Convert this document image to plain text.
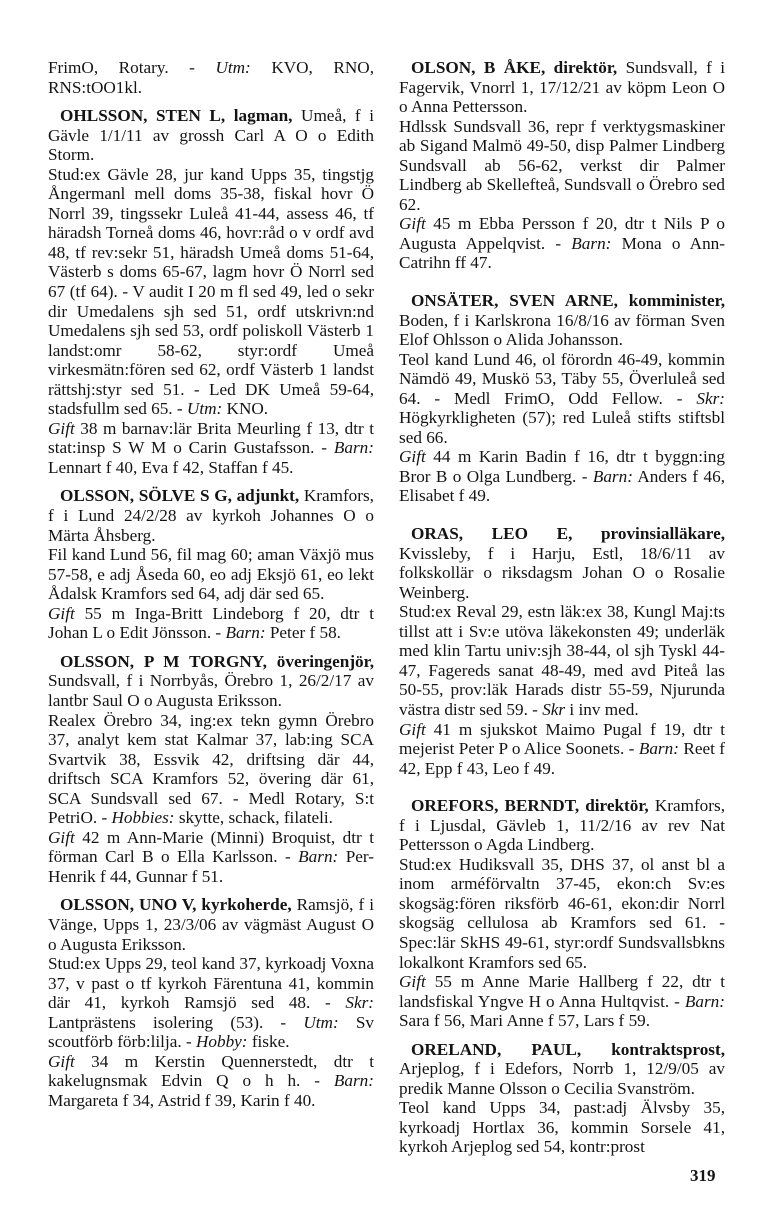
FrimO, Rotary. - Utm: KVO, RNO, RNS:tOO1kl.
OHLSSON, STEN L, lagman, Umeå, f i Gävle 1/1/11 av grossh Carl A O o Edith Storm.
Stud:ex Gävle 28, jur kand Upps 35, tingstjg Ångermanl mell doms 35-38, fiskal hovr Ö Norrl 39, tingssekr Luleå 41-44, assess 46, tf häradsh Torneå doms 46, hovr:råd o v ordf avd 48, tf rev:sekr 51, häradsh Umeå doms 51-64, Västerb s doms 65-67, lagm hovr Ö Norrl sed 67 (tf 64). - V audit I 20 m fl sed 49, led o sekr dir Umedalens sjh sed 51, ordf utskrivn:nd Umedalens sjh sed 53, ordf poliskoll Västerb 1 landst:omr 58-62, styr:ordf Umeå virkesmätn:fören sed 62, ordf Västerb 1 landst rättshj:styr sed 51. - Led DK Umeå 59-64, stadsfullm sed 65. - Utm: KNO.
Gift 38 m barnav:lär Brita Meurling f 13, dtr t stat:insp S W M o Carin Gustafsson. - Barn: Lennart f 40, Eva f 42, Staffan f 45.
OLSSON, SÖLVE S G, adjunkt, Kramfors, f i Lund 24/2/28 av kyrkoh Johannes O o Märta Åhsberg.
Fil kand Lund 56, fil mag 60; aman Växjö mus 57-58, e adj Åseda 60, eo adj Eksjö 61, eo lekt Ådalsk Kramfors sed 64, adj där sed 65.
Gift 55 m Inga-Britt Lindeborg f 20, dtr t Johan L o Edit Jönsson. - Barn: Peter f 58.
OLSSON, P M TORGNY, överingenjör, Sundsvall, f i Norrbyås, Örebro 1, 26/2/17 av lantbr Saul O o Augusta Eriksson.
Realex Örebro 34, ing:ex tekn gymn Örebro 37, analyt kem stat Kalmar 37, lab:ing SCA Svartvik 38, Essvik 42, driftsing där 44, driftsch SCA Kramfors 52, övering där 61, SCA Sundsvall sed 67. - Medl Rotary, S:t PetriO. - Hobbies: skytte, schack, filateli.
Gift 42 m Ann-Marie (Minni) Broquist, dtr t förman Carl B o Ella Karlsson. - Barn: Per-Henrik f 44, Gunnar f 51.
OLSSON, UNO V, kyrkoherde, Ramsjö, f i Vänge, Upps 1, 23/3/06 av vägmäst August O o Augusta Eriksson.
Stud:ex Upps 29, teol kand 37, kyrkoadj Voxna 37, v past o tf kyrkoh Färentuna 41, kommin där 41, kyrkoh Ramsjö sed 48. - Skr: Lantprästens isolering (53). - Utm: Sv scoutförb förb:lilja. - Hobby: fiske.
Gift 34 m Kerstin Quennerstedt, dtr t kakelugnsmak Edvin Q o h h. - Barn: Margareta f 34, Astrid f 39, Karin f 40.
OLSON, B ÅKE, direktör, Sundsvall, f i Fagervik, Vnorrl 1, 17/12/21 av köpm Leon O o Anna Pettersson.
Hdlssk Sundsvall 36, repr f verktygsmaskiner ab Sigand Malmö 49-50, disp Palmer Lindberg Sundsvall ab 56-62, verkst dir Palmer Lindberg ab Skellefteå, Sundsvall o Örebro sed 62.
Gift 45 m Ebba Persson f 20, dtr t Nils P o Augusta Appelqvist. - Barn: Mona o Ann-Catrihn ff 47.
ONSÄTER, SVEN ARNE, komminister, Boden, f i Karlskrona 16/8/16 av förman Sven Elof Ohlsson o Alida Johansson.
Teol kand Lund 46, ol förordn 46-49, kommin Nämdö 49, Muskö 53, Täby 55, Överluleå sed 64. - Medl FrimO, Odd Fellow. - Skr: Högkyrkligheten (57); red Luleå stifts stiftsbl sed 66.
Gift 44 m Karin Badin f 16, dtr t byggn:ing Bror B o Olga Lundberg. - Barn: Anders f 46, Elisabet f 49.
ORAS, LEO E, provinsialläkare, Kvissleby, f i Harju, Estl, 18/6/11 av folkskollär o riksdagsm Johan O o Rosalie Weinberg.
Stud:ex Reval 29, estn läk:ex 38, Kungl Maj:ts tillst att i Sv:e utöva läkekonsten 49; underläk med klin Tartu univ:sjh 38-44, ol sjh Tyskl 44-47, Fagereds sanat 48-49, med avd Piteå las 50-55, prov:läk Harads distr 55-59, Njurunda västra distr sed 59. - Skr i inv med.
Gift 41 m sjukskot Maimo Pugal f 19, dtr t mejerist Peter P o Alice Soonets. - Barn: Reet f 42, Epp f 43, Leo f 49.
OREFORS, BERNDT, direktör, Kramfors, f i Ljusdal, Gävleb 1, 11/2/16 av rev Nat Pettersson o Agda Lindberg.
Stud:ex Hudiksvall 35, DHS 37, ol anst bl a inom arméförvaltn 37-45, ekon:ch Sv:es skogsäg:fören riksförb 46-61, ekon:dir Norrl skogsäg cellulosa ab Kramfors sed 61. - Spec:lär SkHS 49-61, styr:ordf Sundsvallsbkns lokalkont Kramfors sed 65.
Gift 55 m Anne Marie Hallberg f 22, dtr t landsfiskal Yngve H o Anna Hultqvist. - Barn: Sara f 56, Mari Anne f 57, Lars f 59.
ORELAND, PAUL, kontraktsprost, Arjeplog, f i Edefors, Norrb 1, 12/9/05 av predik Manne Olsson o Cecilia Svanström.
Teol kand Upps 34, past:adj Älvsby 35, kyrkoadj Hortlax 36, kommin Sorsele 41, kyrkoh Arjeplog sed 54, kontr:prost
319
